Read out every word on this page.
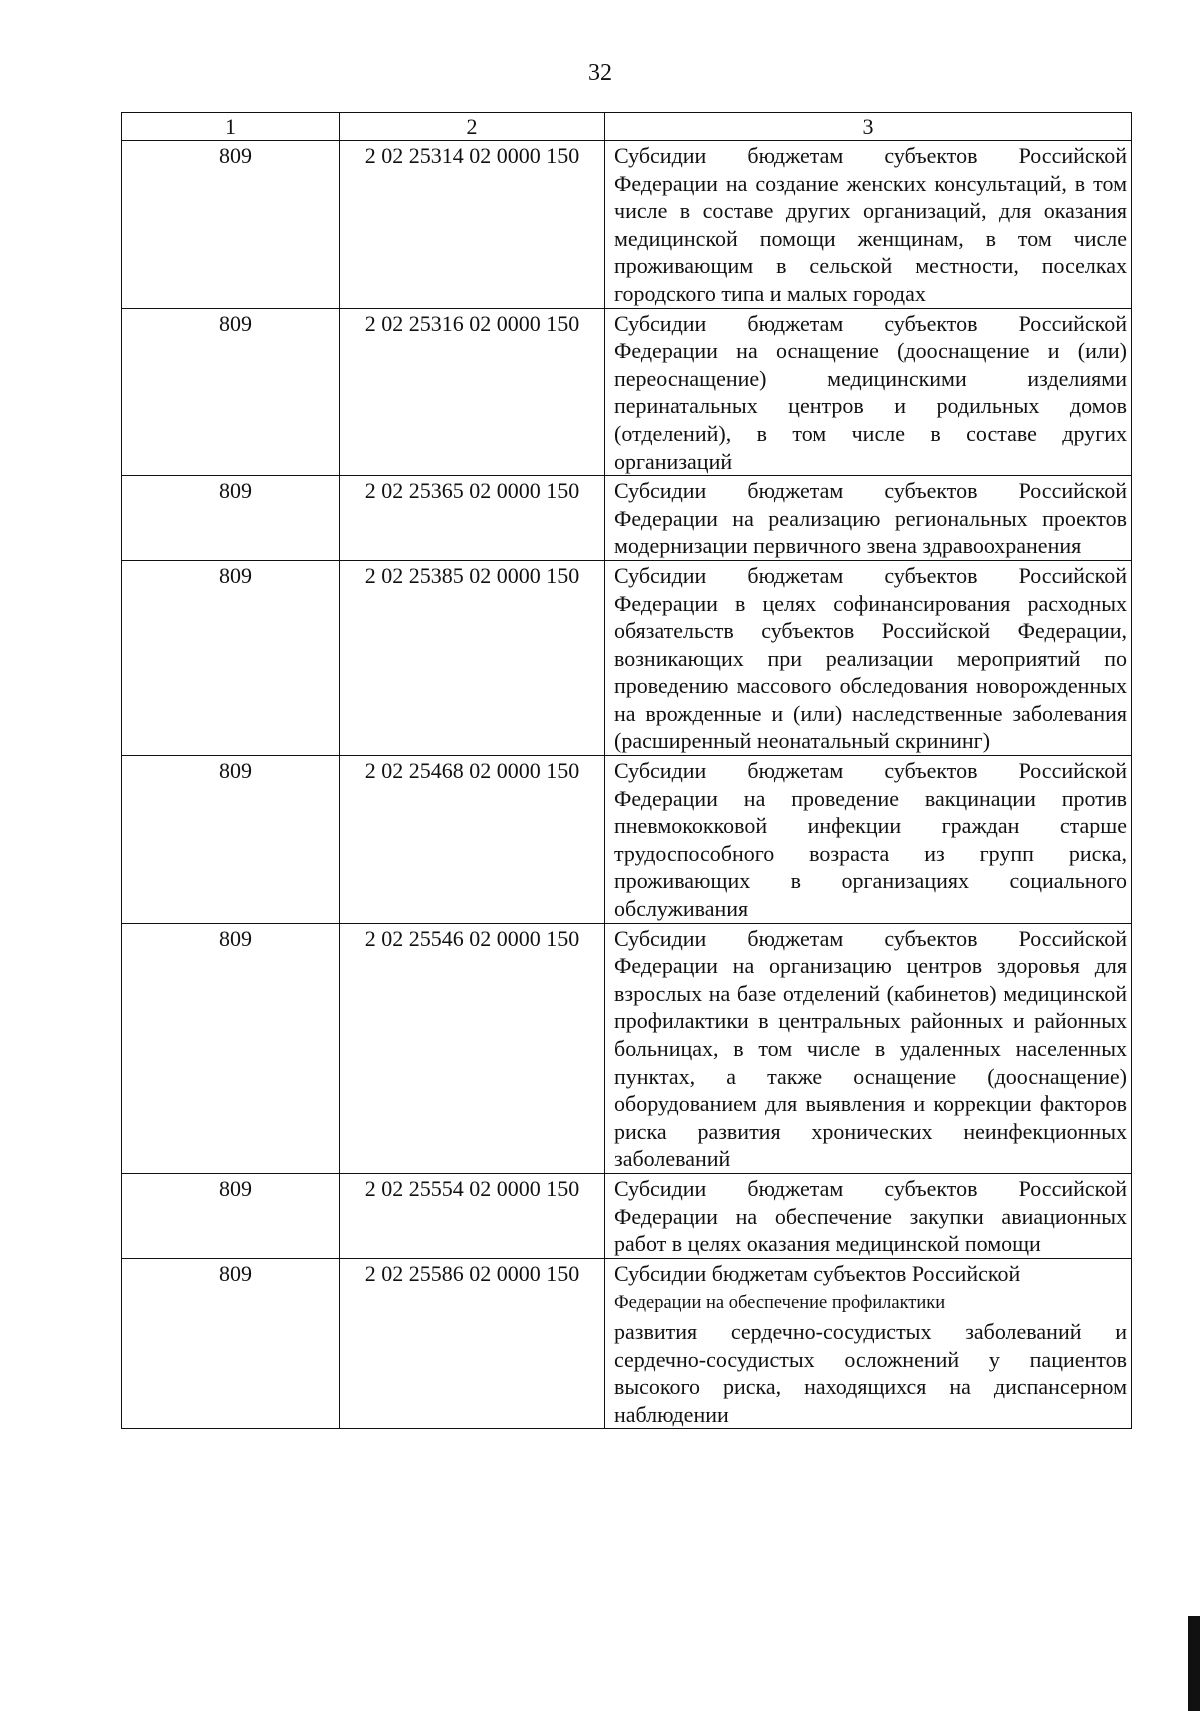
32
1	2	3
809	2 02 25314 02 0000 150	Субсидии бюджетам субъектов Российской Федерации на создание женских консультаций, в том числе в составе других организаций, для оказания медицинской помощи женщинам, в том числе проживающим в сельской местности, поселках городского типа и малых городах
809	2 02 25316 02 0000 150	Субсидии бюджетам субъектов Российской Федерации на оснащение (дооснащение и (или) переоснащение) медицинскими изделиями перинатальных центров и родильных домов (отделений), в том числе в составе других организаций
809	2 02 25365 02 0000 150	Субсидии бюджетам субъектов Российской Федерации на реализацию региональных проектов модернизации первичного звена здравоохранения
809	2 02 25385 02 0000 150	Субсидии бюджетам субъектов Российской Федерации в целях софинансирования расходных обязательств субъектов Российской Федерации, возникающих при реализации мероприятий по проведению массового обследования новорожденных на врожденные и (или) наследственные заболевания (расширенный неонатальный скрининг)
809	2 02 25468 02 0000 150	Субсидии бюджетам субъектов Российской Федерации на проведение вакцинации против пневмококковой инфекции граждан старше трудоспособного возраста из групп риска, проживающих в организациях социального обслуживания
809	2 02 25546 02 0000 150	Субсидии бюджетам субъектов Российской Федерации на организацию центров здоровья для взрослых на базе отделений (кабинетов) медицинской профилактики в центральных районных и районных больницах, в том числе в удаленных населенных пунктах, а также оснащение (дооснащение) оборудованием для выявления и коррекции факторов риска развития хронических неинфекционных заболеваний
809	2 02 25554 02 0000 150	Субсидии бюджетам субъектов Российской Федерации на обеспечение закупки авиационных работ в целях оказания медицинской помощи
809	2 02 25586 02 0000 150	Субсидии бюджетам субъектов Российской
Федерации на обеспечение профилактики
развития сердечно-сосудистых заболеваний и сердечно-сосудистых осложнений у пациентов высокого риска, находящихся на диспансерном наблюдении
